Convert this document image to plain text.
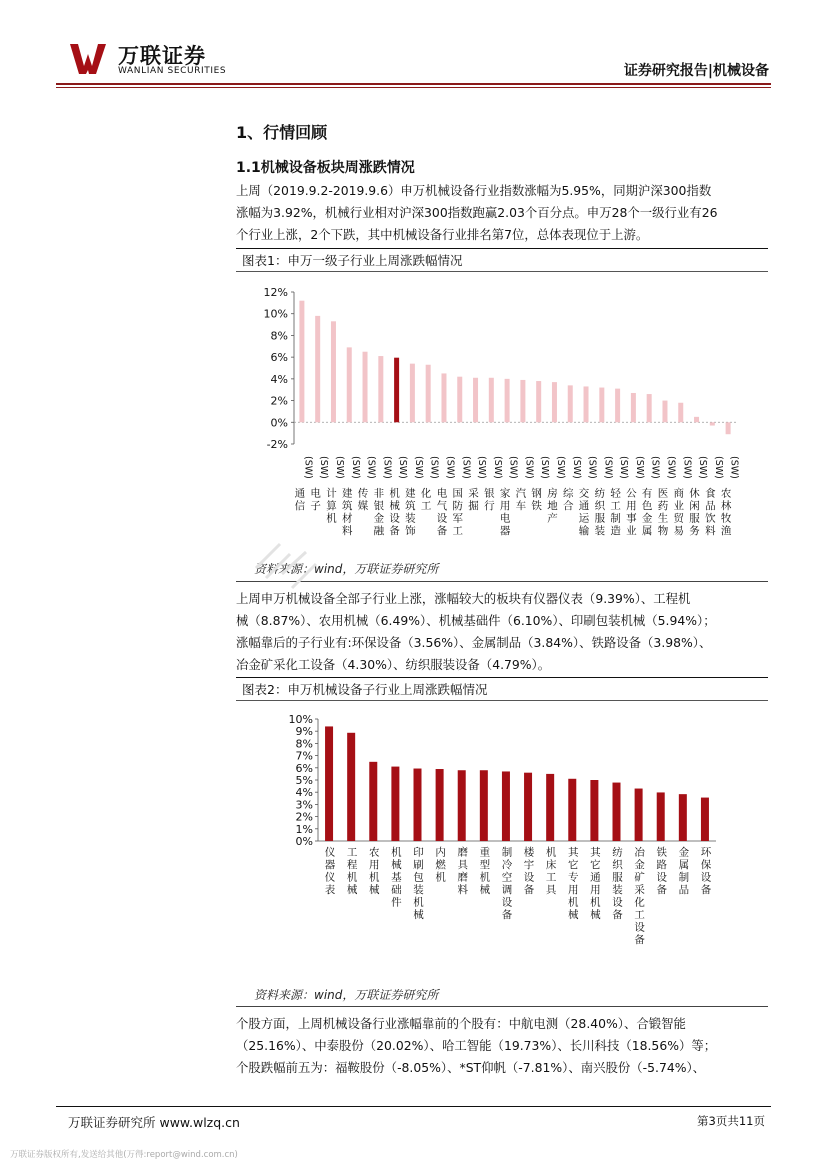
万联证券
WANLIAN SECURITIES	证券研究报告|机械设备
1、行情回顾
1.1机械设备板块周涨跌情况
上周（2019.9.2-2019.9.6）申万机械设备行业指数涨幅为5.95%，同期沪深300指数
涨幅为3.92%，机械行业相对沪深300指数跑赢2.03个百分点。申万28个一级行业有26
个行业上涨，2个下跌，其中机械设备行业排名第7位，总体表现位于上游。
图表1：申万一级子行业上周涨跌幅情况
12%
10%
8%
6%
4%
2%
0%
-2%
(SW)
通
信
(SW)
电
子
(SW)
计
算
机
(SW)
建
筑
材
料
(SW)
传
媒
(SW)
非
银
金
融
(SW)
机
械
设
备
(SW)
建
筑
装
饰
(SW)
化
工
(SW)
电
气
设
备
(SW)
国
防
军
工
(SW)
采
掘
(SW)
银
行
(SW)
家
用
电
器
(SW)
汽
车
(SW)
钢
铁
(SW)
房
地
产
(SW)
综
合
(SW)
交
通
运
输
(SW)
纺
织
服
装
(SW)
轻
工
制
造
(SW)
公
用
事
业
(SW)
有
色
金
属
(SW)
医
药
生
物
(SW)
商
业
贸
易
(SW)
休
闲
服
务
(SW)
食
品
饮
料
(SW)
农
林
牧
渔
资料来源：wind，万联证券研究所
上周申万机械设备全部子行业上涨，涨幅较大的板块有仪器仪表（9.39%）、工程机
械（8.87%）、农用机械（6.49%）、机械基础件（6.10%）、印刷包装机械（5.94%）；
涨幅靠后的子行业有:环保设备（3.56%）、金属制品（3.84%）、铁路设备（3.98%）、
冶金矿采化工设备（4.30%）、纺织服装设备（4.79%）。
图表2：申万机械设备子行业上周涨跌幅情况
10%
9%
8%
7%
6%
5%
4%
3%
2%
1%
0%
仪
器
仪
表
工
程
机
械
农
用
机
械
机
械
基
础
件
印
刷
包
装
机
械
内
燃
机
磨
具
磨
料
重
型
机
械
制
冷
空
调
设
备
楼
宇
设
备
机
床
工
具
其
它
专
用
机
械
其
它
通
用
机
械
纺
织
服
装
设
备
冶
金
矿
采
化
工
设
备
铁
路
设
备
金
属
制
品
环
保
设
备
资料来源：wind，万联证券研究所
个股方面，上周机械设备行业涨幅靠前的个股有：中航电测（28.40%）、合锻智能
（25.16%）、中泰股份（20.02%）、哈工智能（19.73%）、长川科技（18.56%）等；
个股跌幅前五为：福鞍股份（-8.05%）、*ST仰帆（-7.81%）、南兴股份（-5.74%）、
万联证券研究所 www.wlzq.cn	第3页共11页
万联证券版权所有,发送给其他(万得:report@wind.com.cn)
